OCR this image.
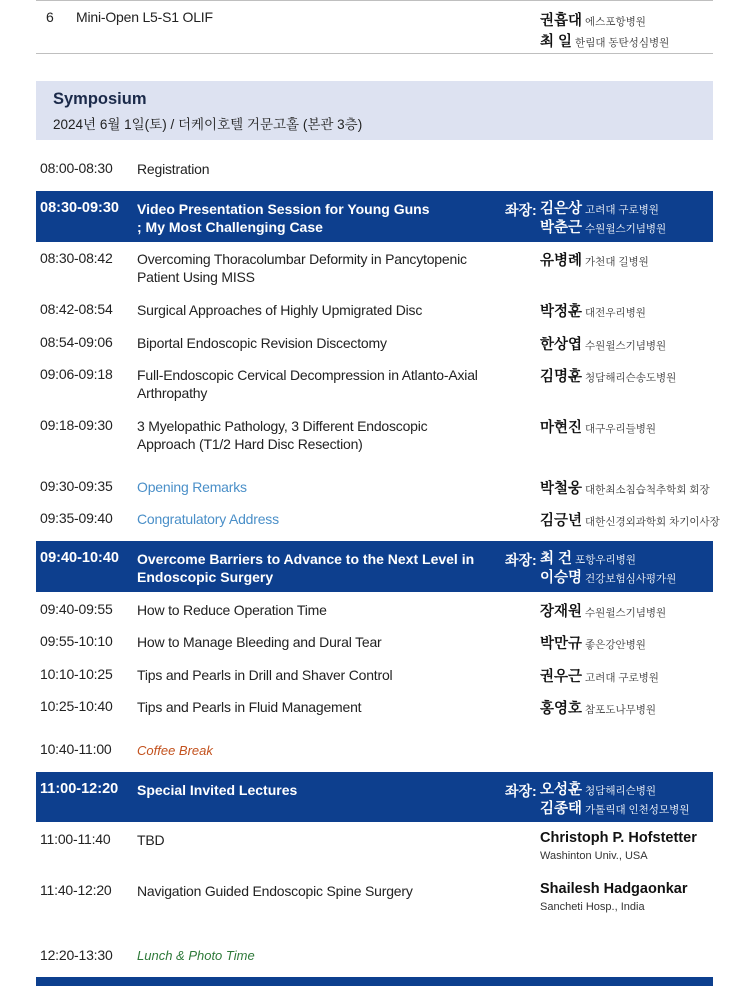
6 Mini-Open L5-S1 OLIF	권흡대 에스포항병원
최 일 한림대 동탄성심병원
Symposium
2024년 6월 1일(토) / 더케이호텔 거문고홀 (본관 3층)
08:00-08:30 Registration
08:30-09:30 Video Presentation Session for Young Guns
; My Most Challenging Case
좌장: 김은상 고려대 구로병원
박춘근 수원윌스기념병원
08:30-08:42 Overcoming Thoracolumbar Deformity in Pancytopenic
Patient Using MISS
유병례 가천대 길병원
08:42-08:54 Surgical Approaches of Highly Upmigrated Disc	박정훈 대전우리병원
08:54-09:06 Biportal Endoscopic Revision Discectomy	한상엽 수원윌스기념병원
09:06-09:18 Full-Endoscopic Cervical Decompression in Atlanto-Axial
Arthropathy
김명훈 청담해리슨송도병원
09:18-09:30 3 Myelopathic Pathology, 3 Different Endoscopic
Approach (T1/2 Hard Disc Resection)
마현진 대구우리들병원
09:30-09:35 Opening Remarks	박철웅 대한최소침습척추학회 회장
09:35-09:40 Congratulatory Address	김긍년 대한신경외과학회 차기이사장
09:40-10:40 Overcome Barriers to Advance to the Next Level in
Endoscopic Surgery
좌장: 최 건 포항우리병원
이승명 건강보험심사평가원
09:40-09:55 How to Reduce Operation Time	장재원 수원윌스기념병원
09:55-10:10 How to Manage Bleeding and Dural Tear	박만규 좋은강안병원
10:10-10:25 Tips and Pearls in Drill and Shaver Control	권우근 고려대 구로병원
10:25-10:40 Tips and Pearls in Fluid Management	홍영호 참포도나무병원
10:40-11:00 Coffee Break
11:00-12:20 Special Invited Lectures	좌장: 오성훈 청담해리슨병원
김종태 가톨릭대 인천성모병원
11:00-11:40 TBD	Christoph P. Hofstetter
Washinton Univ., USA
11:40-12:20 Navigation Guided Endoscopic Spine Surgery	Shailesh Hadgaonkar
Sancheti Hosp., India
12:20-13:30 Lunch & Photo Time
